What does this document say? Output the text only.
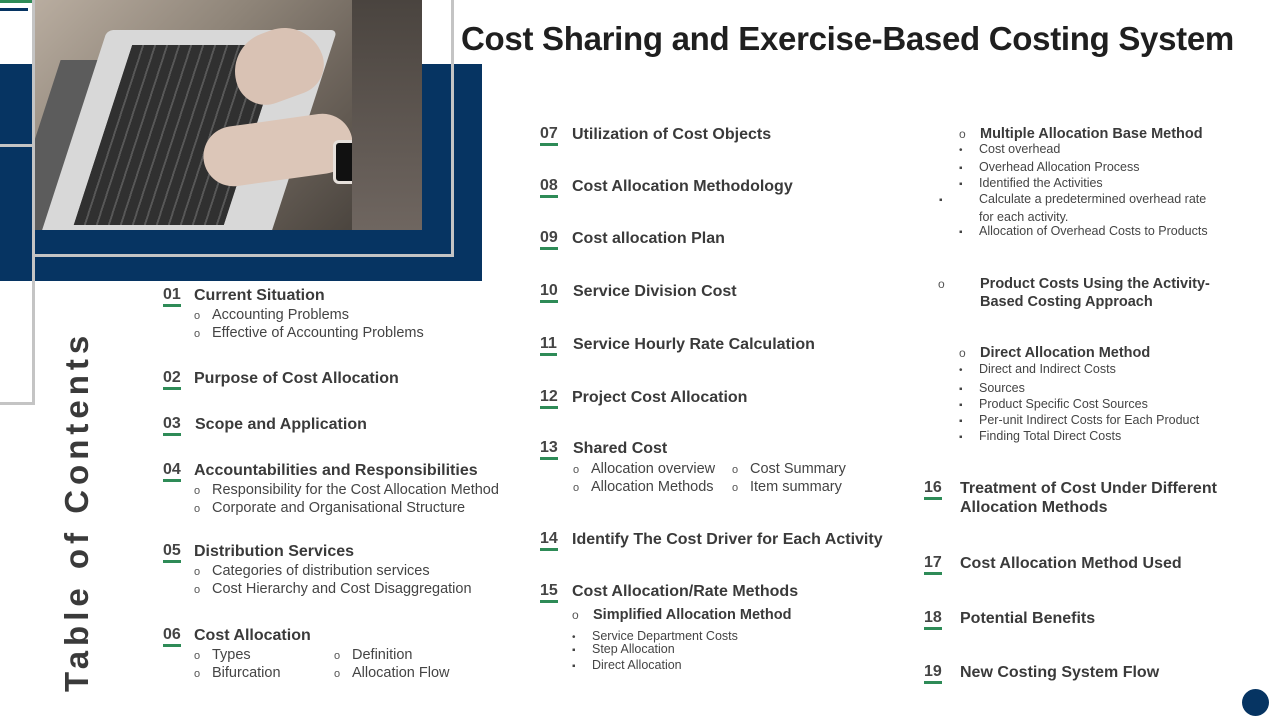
Cost Sharing and Exercise-Based Costing System
Table of Contents
01 Current Situation
o Accounting Problems
o Effective of Accounting Problems
02 Purpose of Cost Allocation
03 Scope and Application
04 Accountabilities and Responsibilities
o Responsibility for the Cost Allocation Method
o Corporate and Organisational Structure
05 Distribution Services
o Categories of distribution services
o Cost Hierarchy and Cost Disaggregation
06 Cost Allocation
o Types	o Definition
o Bifurcation	o Allocation Flow
07 Utilization of Cost Objects
08 Cost Allocation Methodology
09 Cost allocation Plan
10 Service Division Cost
11 Service Hourly Rate Calculation
12 Project Cost Allocation
13 Shared Cost
o Allocation overview	o Cost Summary
o Allocation Methods	o Item summary
14 Identify The Cost Driver for Each Activity
15 Cost Allocation/Rate Methods
o Simplified Allocation Method
• Service Department Costs
▪ Step Allocation
▪ Direct Allocation
o Multiple Allocation Base Method
• Cost overhead
▪ Overhead Allocation Process
▪ Identified the Activities
▪ Calculate a predetermined overhead rate for each activity.
▪ Allocation of Overhead Costs to Products
o Product Costs Using the Activity-Based Costing Approach
o Direct Allocation Method
• Direct and Indirect Costs
▪ Sources
▪ Product Specific Cost Sources
▪ Per-unit Indirect Costs for Each Product
▪ Finding Total Direct Costs
16 Treatment of Cost Under Different Allocation Methods
17 Cost Allocation Method Used
18 Potential Benefits
19 New Costing System Flow
